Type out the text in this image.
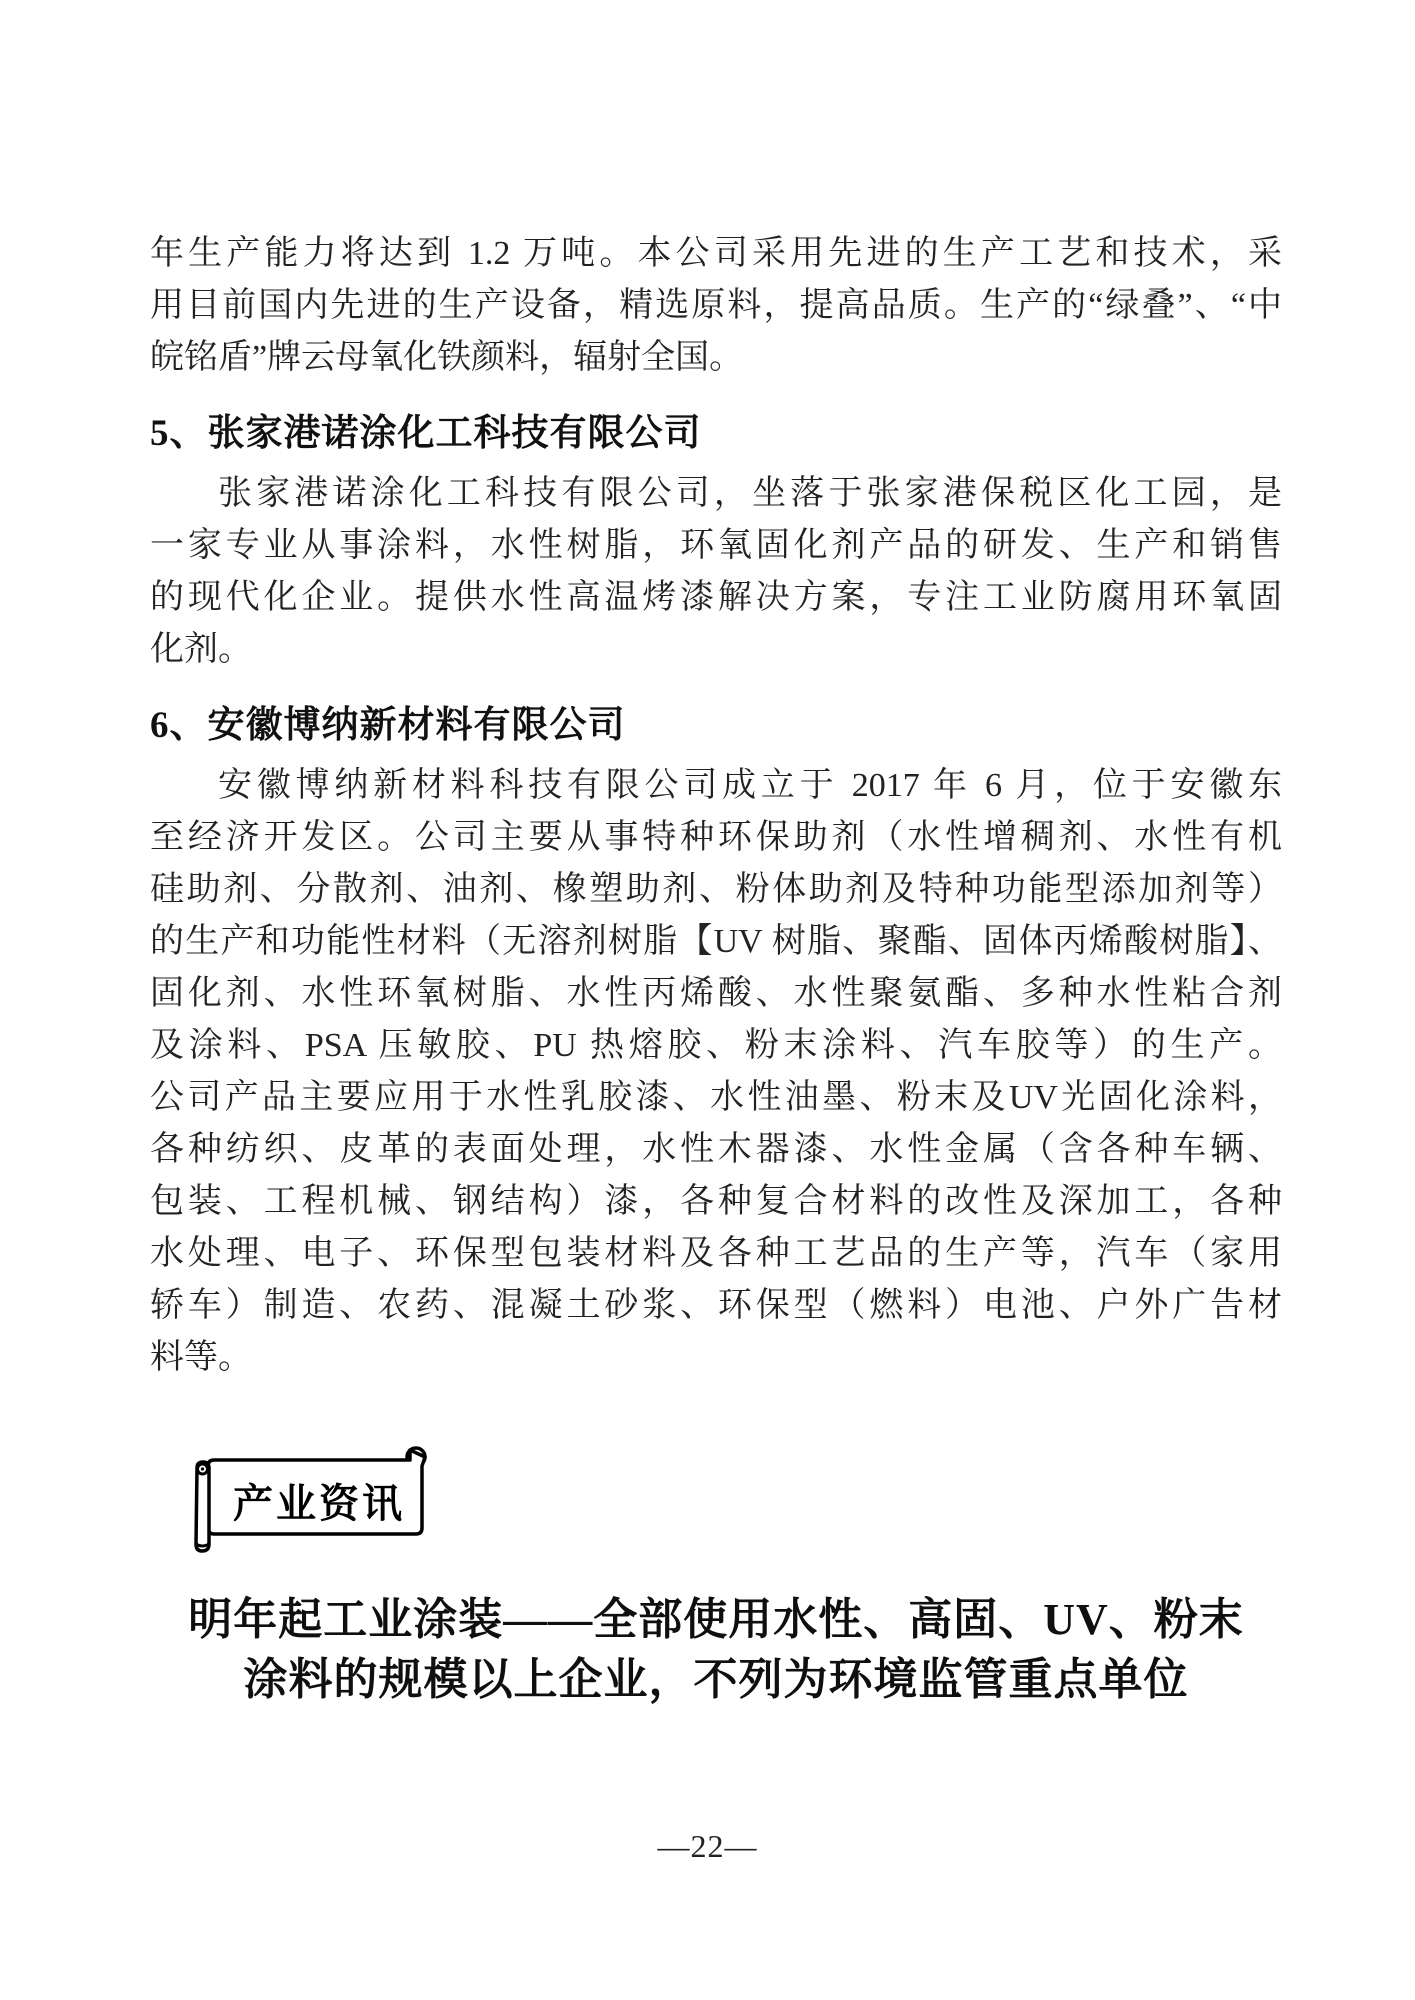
年生产能力将达到 1.2 万吨。本公司采用先进的生产工艺和技术，采
用目前国内先进的生产设备，精选原料，提高品质。生产的“绿叠”、“中
皖铭盾”牌云母氧化铁颜料，辐射全国。
5、张家港诺涂化工科技有限公司
张家港诺涂化工科技有限公司，坐落于张家港保税区化工园，是
一家专业从事涂料，水性树脂，环氧固化剂产品的研发、生产和销售
的现代化企业。提供水性高温烤漆解决方案，专注工业防腐用环氧固
化剂。
6、安徽博纳新材料有限公司
安徽博纳新材料科技有限公司成立于 2017 年 6 月，位于安徽东
至经济开发区。公司主要从事特种环保助剂（水性增稠剂、水性有机
硅助剂、分散剂、油剂、橡塑助剂、粉体助剂及特种功能型添加剂等）
的生产和功能性材料（无溶剂树脂【UV 树脂、聚酯、固体丙烯酸树脂】、
固化剂、水性环氧树脂、水性丙烯酸、水性聚氨酯、多种水性粘合剂
及涂料、PSA 压敏胶、PU 热熔胶、粉末涂料、汽车胶等）的生产。
公司产品主要应用于水性乳胶漆、水性油墨、粉末及UV光固化涂料，
各种纺织、皮革的表面处理，水性木器漆、水性金属（含各种车辆、
包装、工程机械、钢结构）漆，各种复合材料的改性及深加工，各种
水处理、电子、环保型包装材料及各种工艺品的生产等，汽车（家用
轿车）制造、农药、混凝土砂浆、环保型（燃料）电池、户外广告材
料等。
产业资讯
明年起工业涂装——全部使用水性、高固、UV、粉末
涂料的规模以上企业，不列为环境监管重点单位
—22—
